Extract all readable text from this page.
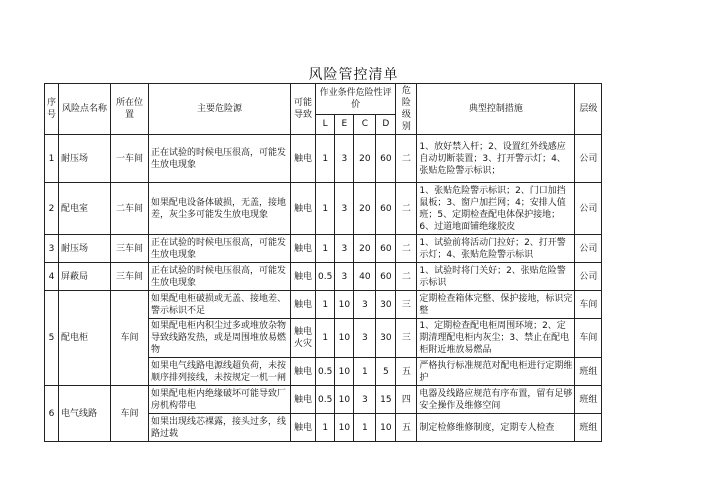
风险管控清单
序号	风险点名称	所在位置	主要危险源	可能导致	作业条件危险性评价				危险级别	典型控制措施	层级
					L	E	C	D			
1	耐压场	一车间	正在试验的时候电压很高，可能发生放电现象	触电	1	3	20	60	二	1、放好禁入杆；2、设置红外线感应自动切断装置；3、打开警示灯；4、张贴危险警示标识；	公司
2	配电室	二车间	如果配电设备体破损，无盖，接地差，灰尘多可能发生放电现象	触电	1	3	20	60	二	1、张贴危险警示标识；2、门口加挡鼠板；3、窗户加拦网；4；安排人值班；5、定期检查配电体保护接地；6、过道地面铺绝缘胶皮	公司
3	耐压场	三车间	正在试验的时候电压很高，可能发生放电现象	触电	1	3	20	60	二	1、试验前将活动门拉好；2、打开警示灯；4、张贴危险警示标识	公司
4	屏蔽局	三车间	正在试验的时候电压很高，可能发生放电现象	触电	0.5	3	40	60	二	1、试验时将门关好；2、张贴危险警示标识	公司
5	配电柜	车间	如果配电柜破损或无盖、接地差、警示标识不足	触电	1	10	3	30	三	定期检查箱体完整、保护接地，标识完整	车间
			如果配电柜内积尘过多或堆放杂物导致线路发热，或是周围堆放易燃物	触电火灾	1	10	3	30	三	1、定期检查配电柜周围环境；2、定期清理配电柜内灰尘；3、禁止在配电柜附近堆放易燃品	车间
			如果电气线路电源线超负荷，未按顺序排列接线，未按规定一机一闸	触电	0.5	10	1	5	五	严格执行标准规范对配电柜进行定期维护	班组
6	电气线路	车间	如果配电柜内绝缘破坏可能导致厂房机构带电	触电	0.5	10	3	15	四	电器及线路应规范有序布置，留有足够安全操作及维修空间	班组
			如果出现线芯裸露，接头过多，线路过载	触电	1	10	1	10	五	制定检修维修制度，定期专人检查	班组
